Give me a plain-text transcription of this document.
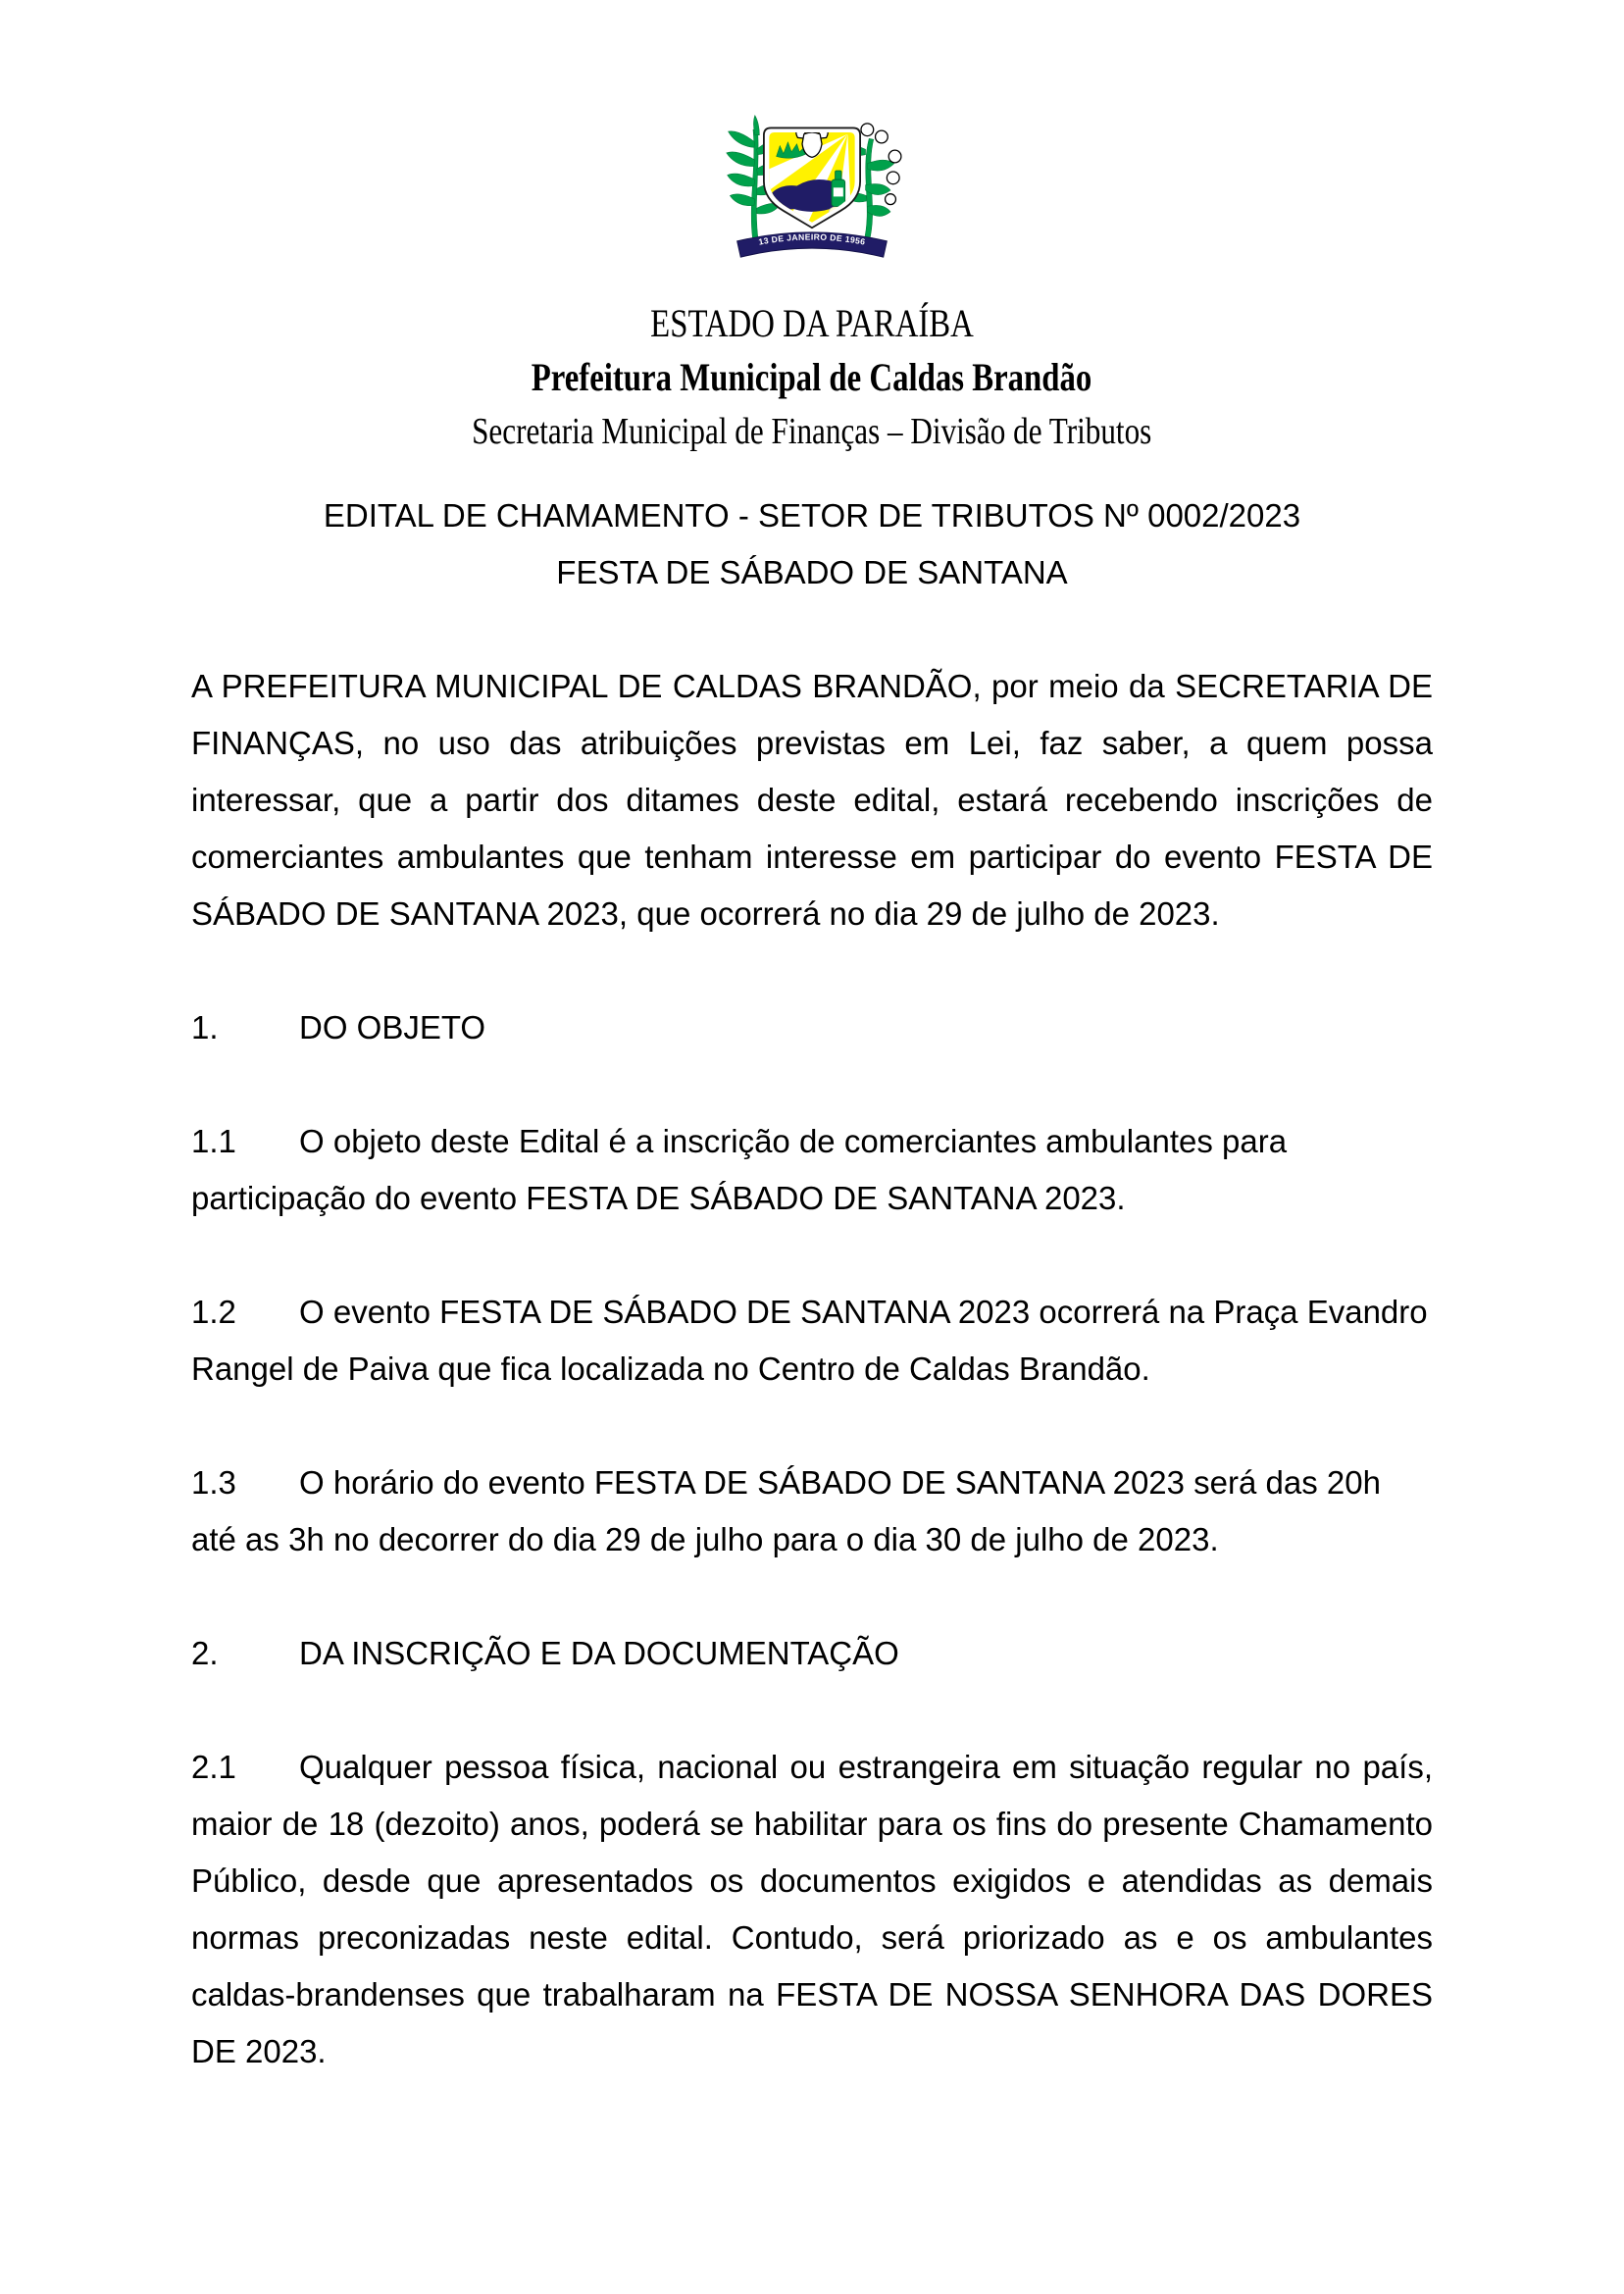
13 DE JANEIRO DE 1956
ESTADO DA PARAÍBA
Prefeitura Municipal de Caldas Brandão
Secretaria Municipal de Finanças – Divisão de Tributos
EDITAL DE CHAMAMENTO - SETOR DE TRIBUTOS Nº 0002/2023
FESTA DE SÁBADO DE SANTANA

A PREFEITURA MUNICIPAL DE CALDAS BRANDÃO, por meio da SECRETARIA DE FINANÇAS, no uso das atribuições previstas em Lei, faz saber, a quem possa interessar, que a partir dos ditames deste edital, estará recebendo inscrições de comerciantes ambulantes que tenham interesse em participar do evento FESTA DE SÁBADO DE SANTANA 2023, que ocorrerá no dia 29 de julho de 2023.

1. DO OBJETO

1.1 O objeto deste Edital é a inscrição de comerciantes ambulantes para participação do evento FESTA DE SÁBADO DE SANTANA 2023.

1.2 O evento FESTA DE SÁBADO DE SANTANA 2023 ocorrerá na Praça Evandro Rangel de Paiva que fica localizada no Centro de Caldas Brandão.

1.3 O horário do evento FESTA DE SÁBADO DE SANTANA 2023 será das 20h até as 3h no decorrer do dia 29 de julho para o dia 30 de julho de 2023.

2. DA INSCRIÇÃO E DA DOCUMENTAÇÃO

2.1 Qualquer pessoa física, nacional ou estrangeira em situação regular no país, maior de 18 (dezoito) anos, poderá se habilitar para os fins do presente Chamamento Público, desde que apresentados os documentos exigidos e atendidas as demais normas preconizadas neste edital. Contudo, será priorizado as e os ambulantes caldas-brandenses que trabalharam na FESTA DE NOSSA SENHORA DAS DORES DE 2023.
